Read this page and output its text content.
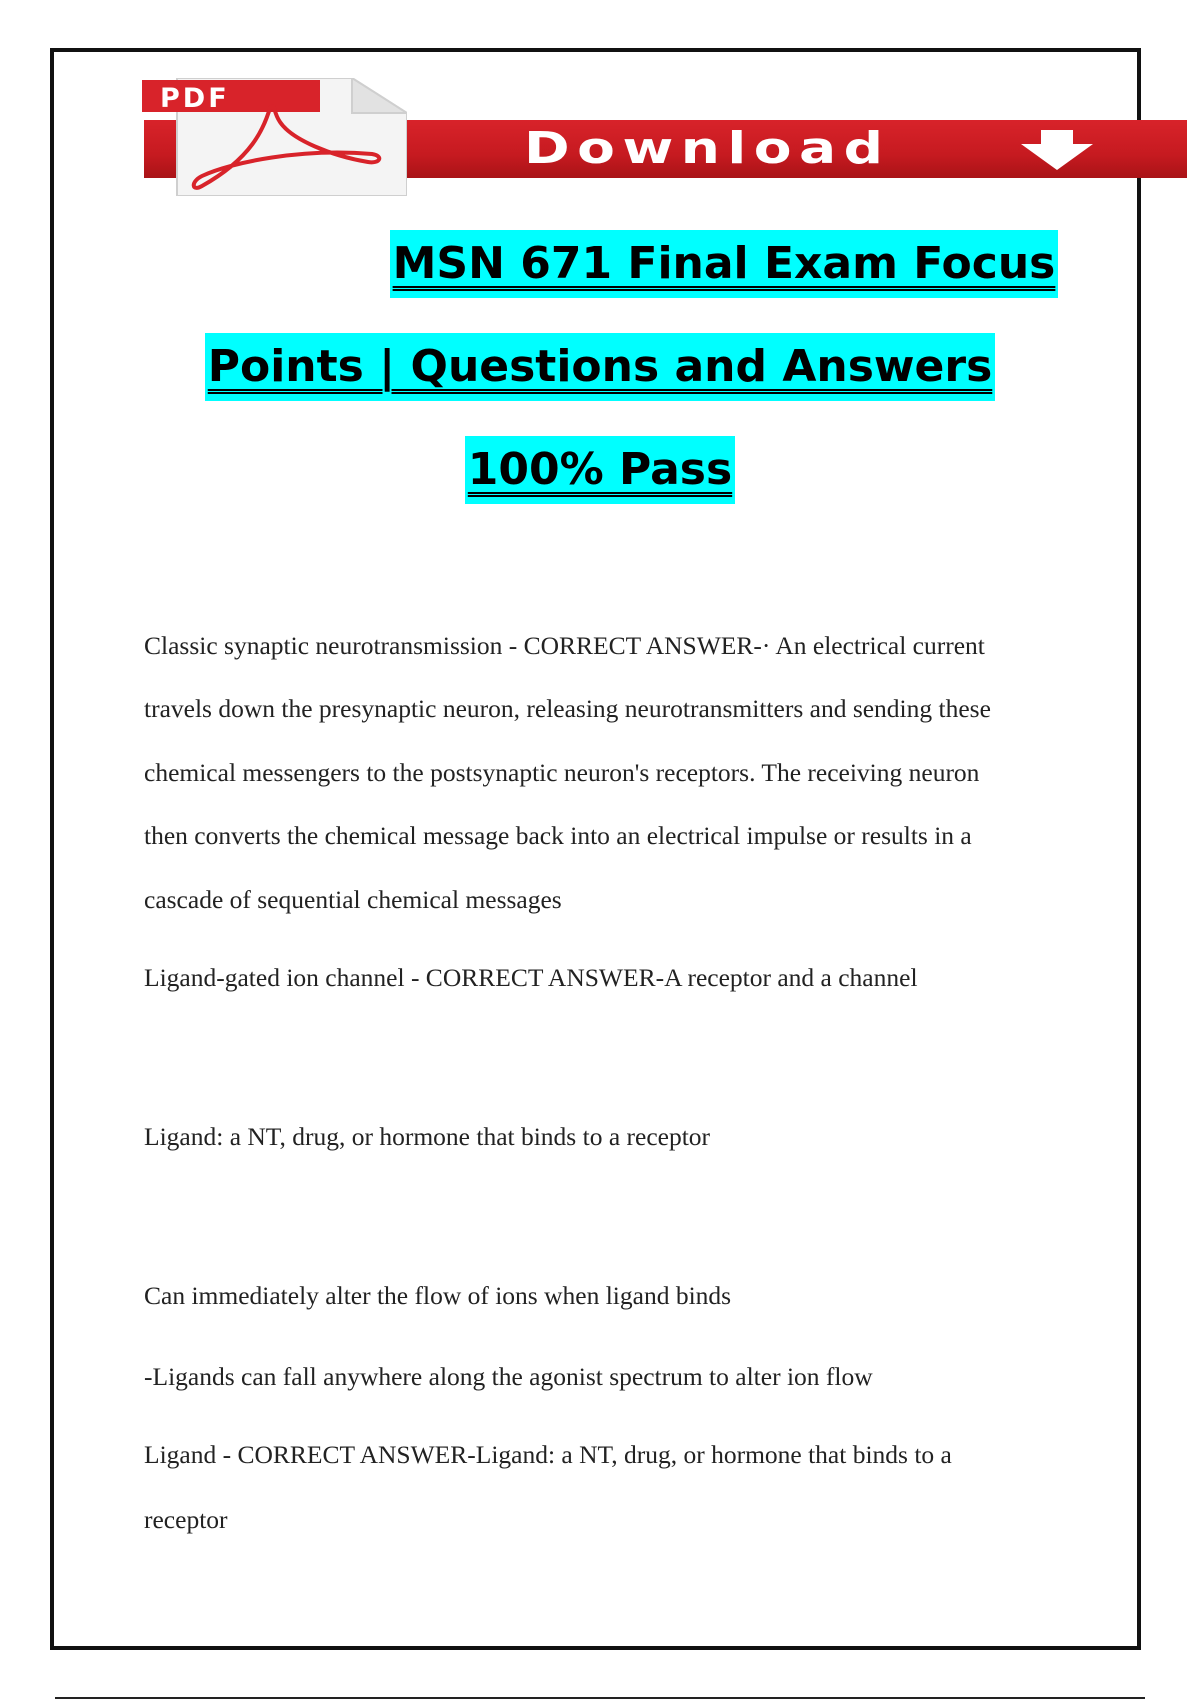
Download
PDF
MSN 671 Final Exam Focus
Points | Questions and Answers
100% Pass

Classic synaptic neurotransmission - CORRECT ANSWER-· An electrical current

travels down the presynaptic neuron, releasing neurotransmitters and sending these

chemical messengers to the postsynaptic neuron's receptors. The receiving neuron

then converts the chemical message back into an electrical impulse or results in a

cascade of sequential chemical messages

Ligand-gated ion channel - CORRECT ANSWER-A receptor and a channel

Ligand: a NT, drug, or hormone that binds to a receptor

Can immediately alter the flow of ions when ligand binds

-Ligands can fall anywhere along the agonist spectrum to alter ion flow

Ligand - CORRECT ANSWER-Ligand: a NT, drug, or hormone that binds to a

receptor
